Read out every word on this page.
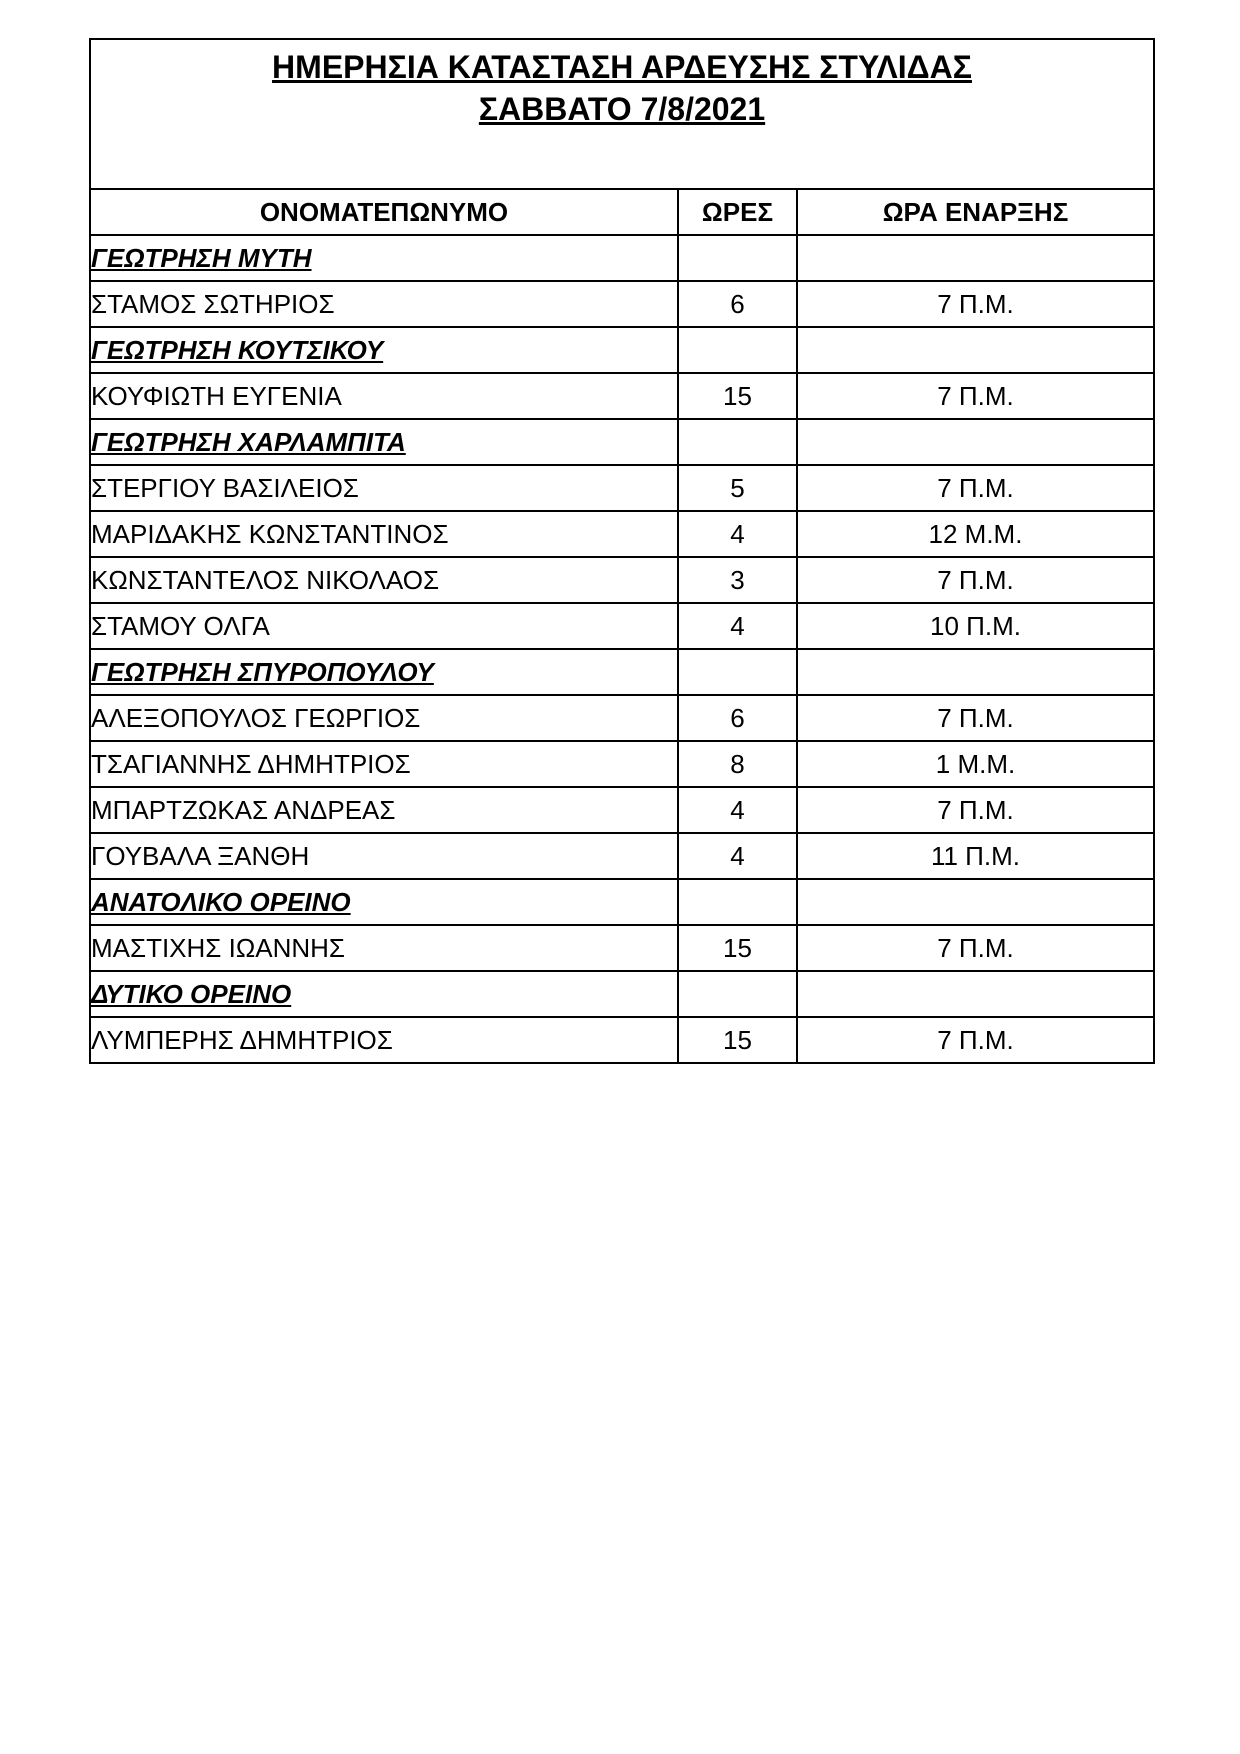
ΗΜΕΡΗΣΙΑ ΚΑΤΑΣΤΑΣΗ ΑΡΔΕΥΣΗΣ ΣΤΥΛΙΔΑΣ
ΣΑΒΒΑΤΟ 7/8/2021		

ΟΝΟΜΑΤΕΠΩΝΥΜΟ	ΩΡΕΣ	ΩΡΑ ΕΝΑΡΞΗΣ
ΓΕΩΤΡΗΣΗ ΜΥΤΗ		
ΣΤΑΜΟΣ ΣΩΤΗΡΙΟΣ	6	7 Π.Μ.
ΓΕΩΤΡΗΣΗ ΚΟΥΤΣΙΚΟΥ		
ΚΟΥΦΙΩΤΗ ΕΥΓΕΝΙΑ	15	7 Π.Μ.
ΓΕΩΤΡΗΣΗ ΧΑΡΛΑΜΠΙΤΑ		
ΣΤΕΡΓΙΟΥ ΒΑΣΙΛΕΙΟΣ	5	7 Π.Μ.
ΜΑΡΙΔΑΚΗΣ ΚΩΝΣΤΑΝΤΙΝΟΣ	4	12 Μ.Μ.
ΚΩΝΣΤΑΝΤΕΛΟΣ ΝΙΚΟΛΑΟΣ	3	7 Π.Μ.
ΣΤΑΜΟΥ ΟΛΓΑ	4	10 Π.Μ.
ΓΕΩΤΡΗΣΗ ΣΠΥΡΟΠΟΥΛΟΥ		
ΑΛΕΞΟΠΟΥΛΟΣ ΓΕΩΡΓΙΟΣ	6	7 Π.Μ.
ΤΣΑΓΙΑΝΝΗΣ ΔΗΜΗΤΡΙΟΣ	8	1 Μ.Μ.
ΜΠΑΡΤΖΩΚΑΣ ΑΝΔΡΕΑΣ	4	7 Π.Μ.
ΓΟΥΒΑΛΑ ΞΑΝΘΗ	4	11 Π.Μ.
ΑΝΑΤΟΛΙΚΟ ΟΡΕΙΝΟ		
ΜΑΣΤΙΧΗΣ ΙΩΑΝΝΗΣ	15	7 Π.Μ.
ΔΥΤΙΚΟ ΟΡΕΙΝΟ		
ΛΥΜΠΕΡΗΣ ΔΗΜΗΤΡΙΟΣ	15	7 Π.Μ.
